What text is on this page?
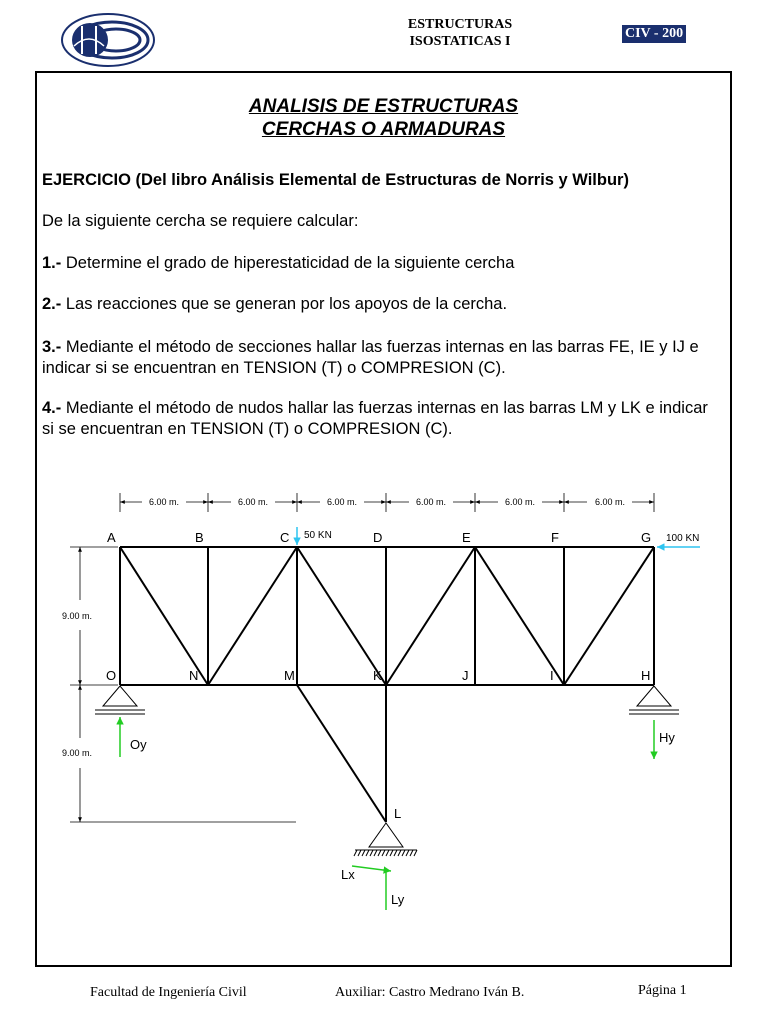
ESTRUCTURAS
ISOSTATICAS I
CIV - 200
ANALISIS DE ESTRUCTURAS
CERCHAS O ARMADURAS
EJERCICIO (Del libro Análisis Elemental de Estructuras de Norris y Wilbur)
De la siguiente cercha se requiere calcular:
1.- Determine el grado de hiperestaticidad de la siguiente cercha
2.- Las reacciones que se generan por los apoyos de la cercha.
3.- Mediante el método de secciones hallar las fuerzas internas en las barras FE, IE y IJ e indicar si se encuentran en TENSION (T) o COMPRESION (C).
4.- Mediante el método de nudos hallar las fuerzas internas en las barras LM y LK e indicar si se encuentran en TENSION (T) o COMPRESION (C).
6.00 m.	6.00 m.	6.00 m.	6.00 m.	6.00 m.	6.00 m.
9.00 m.
9.00 m.
A	B	C	D	E	F	G
O	N	M	K	J	I	H
L
50 KN	100 KN
Oy	Hy
Lx
Ly
Facultad de Ingeniería Civil	Auxiliar: Castro Medrano Iván B.	Página 1
